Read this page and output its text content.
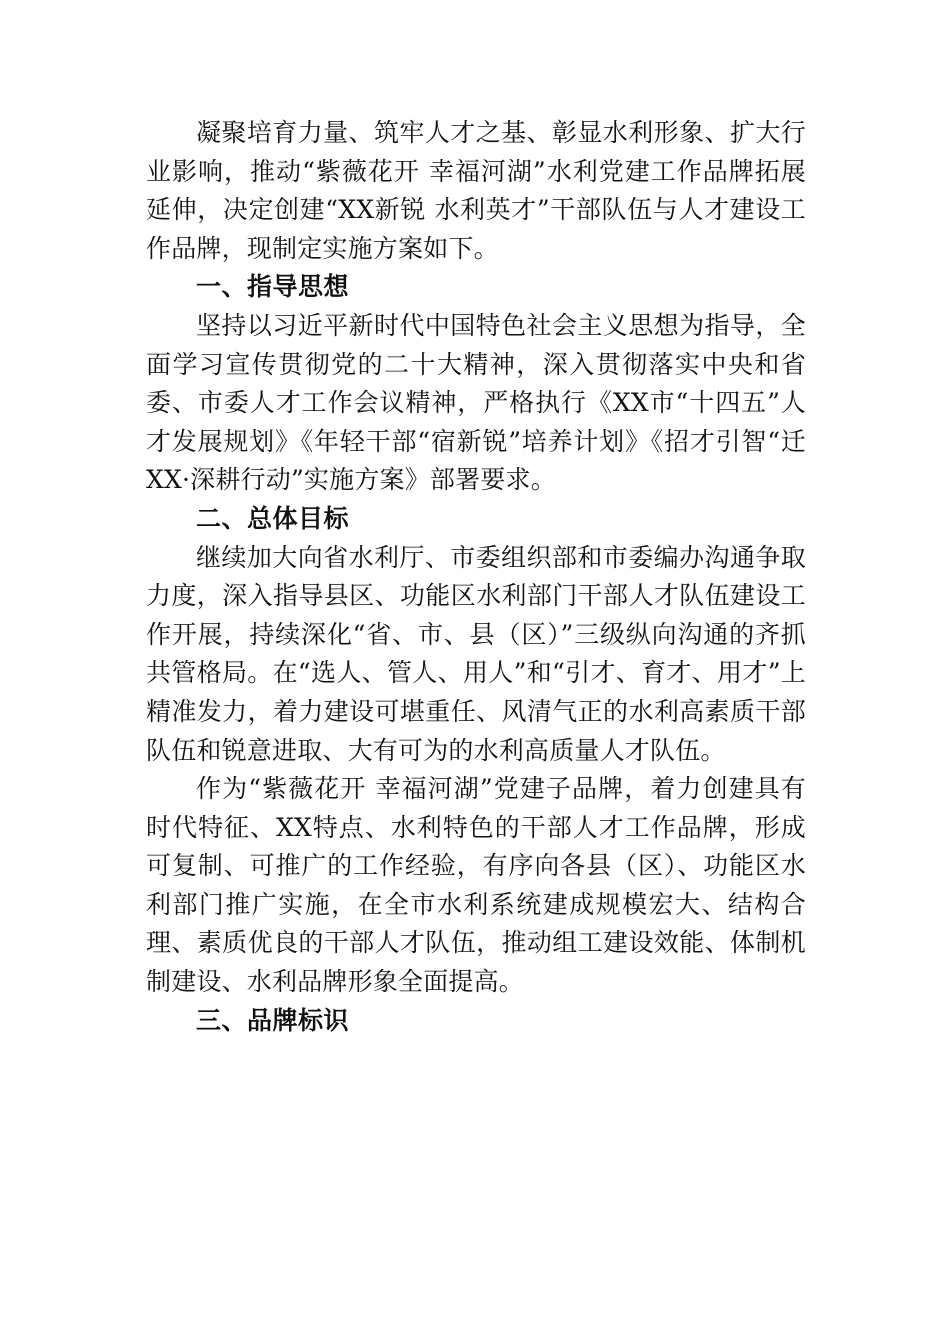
凝聚培育力量、筑牢人才之基、彰显水利形象、扩大行业影响，推动“紫薇花开 幸福河湖”水利党建工作品牌拓展延伸，决定创建“XX新锐 水利英才”干部队伍与人才建设工作品牌，现制定实施方案如下。

一、指导思想

坚持以习近平新时代中国特色社会主义思想为指导，全面学习宣传贯彻党的二十大精神，深入贯彻落实中央和省委、市委人才工作会议精神，严格执行《XX市“十四五”人才发展规划》《年轻干部“宿新锐”培养计划》《招才引智“迁XX·深耕行动”实施方案》部署要求。

二、总体目标

继续加大向省水利厅、市委组织部和市委编办沟通争取力度，深入指导县区、功能区水利部门干部人才队伍建设工作开展，持续深化“省、市、县（区）”三级纵向沟通的齐抓共管格局。在“选人、管人、用人”和“引才、育才、用才”上精准发力，着力建设可堪重任、风清气正的水利高素质干部队伍和锐意进取、大有可为的水利高质量人才队伍。

作为“紫薇花开 幸福河湖”党建子品牌，着力创建具有时代特征、XX特点、水利特色的干部人才工作品牌，形成可复制、可推广的工作经验，有序向各县（区）、功能区水利部门推广实施，在全市水利系统建成规模宏大、结构合理、素质优良的干部人才队伍，推动组工建设效能、体制机制建设、水利品牌形象全面提高。

三、品牌标识
